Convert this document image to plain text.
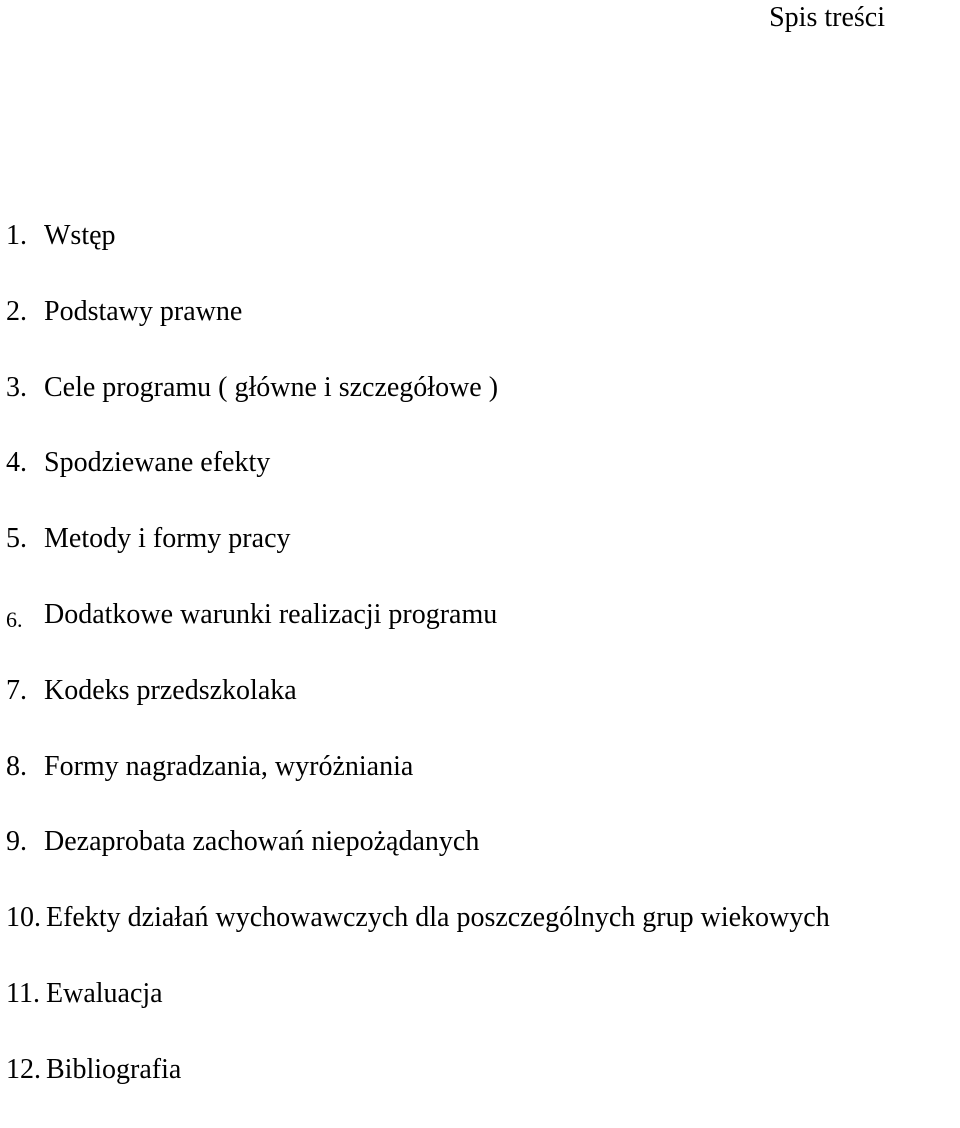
Spis treści
1. Wstęp
2. Podstawy prawne
3. Cele programu ( główne i szczegółowe )
4. Spodziewane efekty
5. Metody i formy pracy
6. Dodatkowe warunki realizacji programu
7. Kodeks przedszkolaka
8. Formy nagradzania, wyróżniania
9. Dezaprobata zachowań niepożądanych
10. Efekty działań wychowawczych dla poszczególnych grup wiekowych
11. Ewaluacja
12. Bibliografia
